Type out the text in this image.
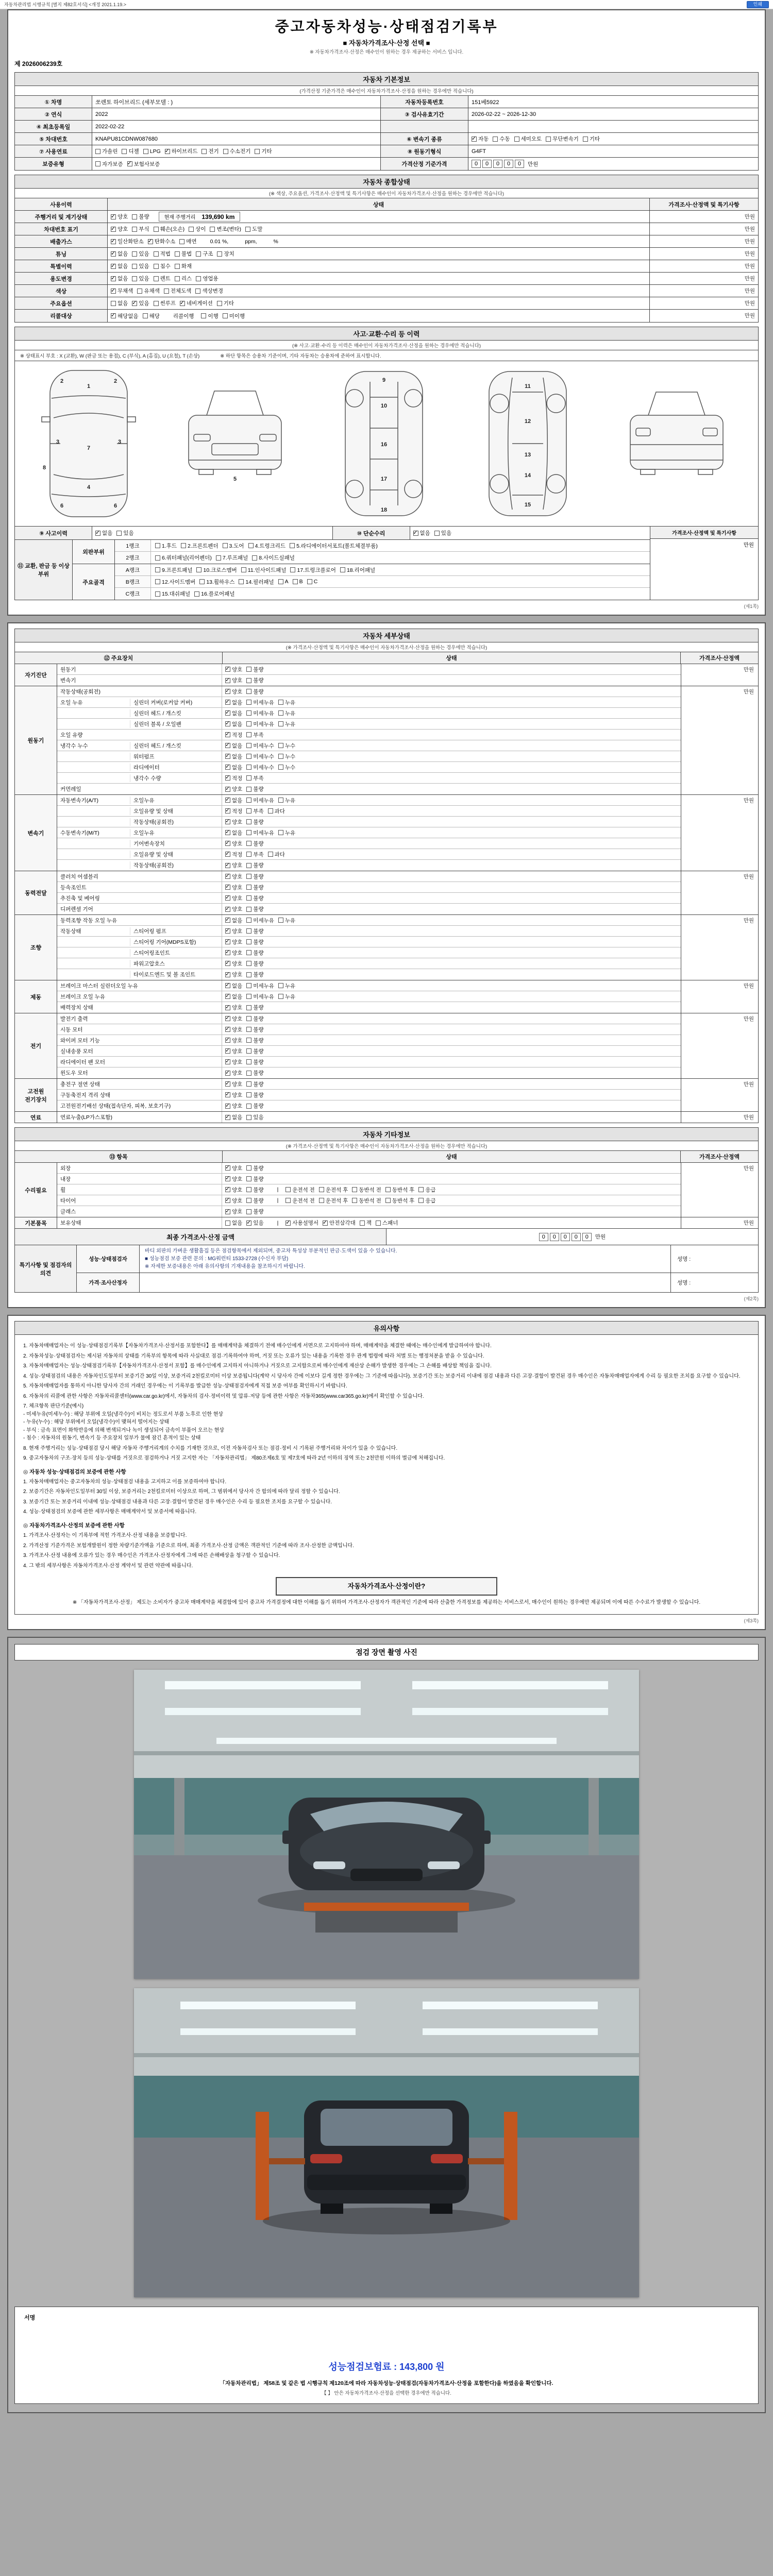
자동차관리법 시행규칙 [별지 제82호서식] <개정 2021.1.19.>	인쇄
중고자동차성능·상태점검기록부
■ 자동차가격조사·산정 선택 ■
※ 자동차가격조사·산정은 매수인이 원하는 경우 제공하는 서비스 입니다.
제 2026006239호
자동차 기본정보
(가격산정 기준가격은 매수인이 자동차가격조사·산정을 원하는 경우에만 적습니다)
① 차명	쏘렌토 하이브리드 (세부모델 : )	자동차등록번호	151베5922
② 연식	2022	③ 검사유효기간	2026-02-22 ~ 2026-12-30
④ 최초등록일	2022-02-22

⑤ 차대번호	KNAPU81CDNW087680	⑥ 변속기 종류 ✓	자동 수동 세미오토 무단변속기 기타
⑦ 사용연료	가솔린 디젤 LPG ✓ 하이브리드 전기 수소전기 기타	⑧ 원동기형식	G4FT
보증유형	자가보증 ✓ 보험사보증	가격산정 기준가격	0	0	0	0	0	만원
자동차 종합상태
(※ 색상, 주요옵션, 가격조사·산정액 및 특기사항은 매수인이 자동차가격조사·산정을 원하는 경우에만 적습니다)
사용이력	상태	가격조사·산정액 및 특기사항
주행거리 및 계기상태 ✓	양호 불량	현재 주행거리 139,690 km	만원
차대번호 표기 ✓	양호 부식 훼손(오손) 상이 변조(변타) 도말	만원
배출가스 ✓	일산화탄소 ✓ 탄화수소 매연 0.01 %,	ppm,	%	만원
튜닝 ✓	없음 있음 적법 불법 구조 장치	만원
특별이력 ✓	없음 있음 침수 화재	만원
용도변경 ✓	없음 있음 렌트 리스 영업용	만원
색상 ✓	무채색 유채색 전체도색 색상변경	만원
주요옵션	없음 ✓ 있음 썬루프 ✓ 네비게이션 기타	만원
리콜대상 ✓	해당없음 해당 리콜이행	이행 미이행	만원
사고·교환·수리 등 이력
(※ 사고·교환·수리 등 이력은 매수인이 자동차가격조사·산정을 원하는 경우에만 적습니다)
※ 상태표시 부호 : X (교환), W (판금 또는 용접), C (부식), A (흠집), U (요철), T (손상)	※ 하단 항목은 승용차 기준이며, 기타 자동차는 승용차에 준하여 표시합니다.
1
2	2
7
3	3
6	6
4
8
5
9
10
16
17
18
11
12
13
14
15
⑨ 사고이력 ✓	없음 있음	⑩ 단순수리 ✓	없음 있음
⑪ 교환, 판금 등 이상 부위
외판부위
1랭크	1.후드 2.프론트펜더 3.도어 4.트렁크리드 5.라디에이터서포트(볼트체결부품)
2랭크	6.쿼터패널(리어펜더) 7.루프패널 8.사이드실패널
주요골격
A랭크	9.프론트패널 10.크로스멤버 11.인사이드패널 17.트렁크플로어 18.리어패널
B랭크	12.사이드멤버 13.휠하우스 14.필러패널 A B C
C랭크	15.대쉬패널 16.플로어패널
가격조사·산정액 및 특기사항
만원
(제1쪽)
자동차 세부상태
(※ 가격조사·산정액 및 특기사항은 매수인이 자동차가격조사·산정을 원하는 경우에만 적습니다)
⑫ 주요장치	상태	가격조사·산정액
자기진단
원동기 ✓	양호 불량
변속기 ✓	양호 불량
만원
원동기
작동상태(공회전) ✓	양호 불량
오일 누유	실린더 커버(로커암 커버) ✓	없음 미세누유 누유

실린더 헤드 / 개스킷 ✓	없음 미세누유 누유

실린더 블록 / 오일팬 ✓	없음 미세누유 누유
오일 유량 ✓	적정 부족
냉각수 누수	실린더 헤드 / 개스킷 ✓	없음 미세누수 누수

워터펌프 ✓	없음 미세누수 누수

라디에이터 ✓	없음 미세누수 누수

냉각수 수량 ✓	적정 부족
커먼레일 ✓	양호 불량
만원
변속기
자동변속기(A/T)	오일누유 ✓	없음 미세누유 누유

오일유량 및 상태 ✓	적정 부족 과다

작동상태(공회전) ✓	양호 불량
수동변속기(M/T)	오일누유 ✓	없음 미세누유 누유

기어변속장치 ✓	양호 불량

오일유량 및 상태 ✓	적정 부족 과다

작동상태(공회전) ✓	양호 불량
만원
동력전달
클러치 어셈블리 ✓	양호 불량
등속조인트 ✓	양호 불량
추진축 및 베어링 ✓	양호 불량
디퍼렌셜 기어 ✓	양호 불량
만원
조향
동력조향 작동 오일 누유 ✓	없음 미세누유 누유
작동상태	스티어링 펌프 ✓	양호 불량

스티어링 기어(MDPS포함) ✓	양호 불량

스티어링조인트 ✓	양호 불량

파워고압호스 ✓	양호 불량

타이로드엔드 및 볼 조인트 ✓	양호 불량
만원
제동
브레이크 마스터 실린더오일 누유 ✓	없음 미세누유 누유
브레이크 오일 누유 ✓	없음 미세누유 누유
배력장치 상태 ✓	양호 불량
만원
전기
발전기 출력 ✓	양호 불량
시동 모터 ✓	양호 불량
와이퍼 모터 기능 ✓	양호 불량
실내송풍 모터 ✓	양호 불량
라디에이터 팬 모터 ✓	양호 불량
윈도우 모터 ✓	양호 불량
만원
고전원 전기장치
충전구 절연 상태 ✓	양호 불량
구동축전지 격리 상태 ✓	양호 불량
고전원전기배선 상태(접속단자, 피복, 보호기구) ✓	양호 불량
만원
연료	연료누출(LP가스포함) ✓	없음 있음	만원
자동차 기타정보
(※ 가격조사·산정액 및 특기사항은 매수인이 자동차가격조사·산정을 원하는 경우에만 적습니다)
⑬ 항목	상태	가격조사·산정액
수리필요
외장 ✓	양호 불량
내장 ✓	양호 불량
휠 ✓	양호 불량 |	운전석 전 운전석 후 동반석 전 동반석 후 응급
타이어 ✓	양호 불량 |	운전석 전 운전석 후 동반석 전 동반석 후 응급
글래스 ✓	양호 불량
만원
기본품목	보유상태	없음 ✓ 있음 | ✓	사용설명서 ✓ 안전삼각대 잭 스패너	만원
최종 가격조사·산정 금액	0	0	0	0	0	만원
특기사항 및 점검자의 의견
성능·상태점검자
바디 외판의 가벼운 생활흠집 등은 점검항목에서 제외되며, 중고차 특성상 부분적인 판금·도색이 있을 수 있습니다.
■ 성능점검 보증 관련 문의 : MG워런티 1533-2728 (수신자 부담)
※ 자세한 보증내용은 아래 유의사항의 기재내용을 참조하시기 바랍니다.
성명 :
가격·조사산정자
	성명 :
(제2쪽)
유의사항

1. 자동차매매업자는 이 성능·상태점검기록부【자동차가격조사·산정서를 포함한다】를 매매계약을 체결하기 전에 매수인에게 서면으로 고지하여야 하며, 매매계약을 체결한 때에는 매수인에게 발급하여야 합니다.

2. 자동차성능·상태점검자는 제시된 자동차의 상태를 기록부의 항목에 따라 사실대로 점검·기록하여야 하며, 거짓 또는 오류가 있는 내용을 기록한 경우 관계 법령에 따라 처벌 또는 행정처분을 받을 수 있습니다.

3. 자동차매매업자는 성능·상태점검기록부【자동차가격조사·산정서 포함】를 매수인에게 고지하지 아니하거나 거짓으로 고지함으로써 매수인에게 재산상 손해가 발생한 경우에는 그 손해를 배상할 책임을 집니다.

4. 성능·상태점검의 내용은 자동차인도일부터 보증기간 30일 이상, 보증거리 2천킬로미터 이상 보증됩니다(계약 시 당사자 간에 이보다 길게 정한 경우에는 그 기준에 따릅니다). 보증기간 또는 보증거리 이내에 점검 내용과 다른 고장·결함이 발견된 경우 매수인은 자동차매매업자에게 수리 등 필요한 조치를 요구할 수 있습니다.

5. 자동차매매업자를 통하지 아니한 당사자 간의 거래인 경우에는 이 기록부를 발급한 성능·상태점검자에게 직접 보증 여부를 확인하시기 바랍니다.

6. 자동차의 리콜에 관한 사항은 자동차리콜센터(www.car.go.kr)에서, 자동차의 검사·정비이력 및 압류·저당 등에 관한 사항은 자동차365(www.car365.go.kr)에서 확인할 수 있습니다.

7. 체크항목 판단기준(예시)
- 미세누유(미세누수) : 해당 부위에 오일(냉각수)이 비치는 정도로서 부품 노후로 인한 현상
- 누유(누수) : 해당 부위에서 오일(냉각수)이 맺혀서 떨어지는 상태
- 부식 : 금속 표면이 화학반응에 의해 변색되거나 녹이 생성되어 금속이 부풀어 오르는 현상
- 침수 : 자동차의 원동기, 변속기 등 주요장치 일부가 물에 잠긴 흔적이 있는 상태

8. 현재 주행거리는 성능·상태점검 당시 해당 자동차 주행거리계의 수치를 기재한 것으로, 이전 자동차검사 또는 점검·정비 시 기록된 주행거리와 차이가 있을 수 있습니다.

9. 중고자동차의 구조·장치 등의 성능·상태를 거짓으로 점검하거나 거짓 고지한 자는 「자동차관리법」 제80조제6호 및 제7호에 따라 2년 이하의 징역 또는 2천만원 이하의 벌금에 처해집니다.

◎ 자동차 성능·상태점검의 보증에 관한 사항

1. 자동차매매업자는 중고자동차의 성능·상태점검 내용을 고지하고 이를 보증하여야 합니다.

2. 보증기간은 자동차인도일부터 30일 이상, 보증거리는 2천킬로미터 이상으로 하며, 그 범위에서 당사자 간 합의에 따라 달리 정할 수 있습니다.

3. 보증기간 또는 보증거리 이내에 성능·상태점검 내용과 다른 고장·결함이 발견된 경우 매수인은 수리 등 필요한 조치를 요구할 수 있습니다.

4. 성능·상태점검의 보증에 관한 세부사항은 매매계약서 및 보증서에 따릅니다.

◎ 자동차가격조사·산정의 보증에 관한 사항

1. 가격조사·산정자는 이 기록부에 적힌 가격조사·산정 내용을 보증합니다.

2. 가격산정 기준가격은 보험개발원이 정한 차량기준가액을 기준으로 하며, 최종 가격조사·산정 금액은 객관적인 기준에 따라 조사·산정한 금액입니다.

3. 가격조사·산정 내용에 오류가 있는 경우 매수인은 가격조사·산정자에게 그에 따른 손해배상을 청구할 수 있습니다.

4. 그 밖의 세부사항은 자동차가격조사·산정 계약서 및 관련 약관에 따릅니다.

자동차가격조사·산정이란?
※ 「자동차가격조사·산정」 제도는 소비자가 중고차 매매계약을 체결함에 있어 중고차 가격결정에 대한 이해를 돕기 위하여 가격조사·산정자가 객관적인 기준에 따라 산출한 가격정보를 제공하는 서비스로서, 매수인이 원하는 경우에만 제공되며 이에 따른 수수료가 발생할 수 있습니다.
(제3쪽)
점검 장면 촬영 사진
서명
성능점검보험료 : 143,800 원
「자동차관리법」 제58조 및 같은 법 시행규칙 제120조에 따라 자동차성능·상태점검(자동차가격조사·산정을 포함한다)을 하였음을 확인합니다.
【 】 안은 자동차가격조사·산정을 선택한 경우에만 적습니다.
